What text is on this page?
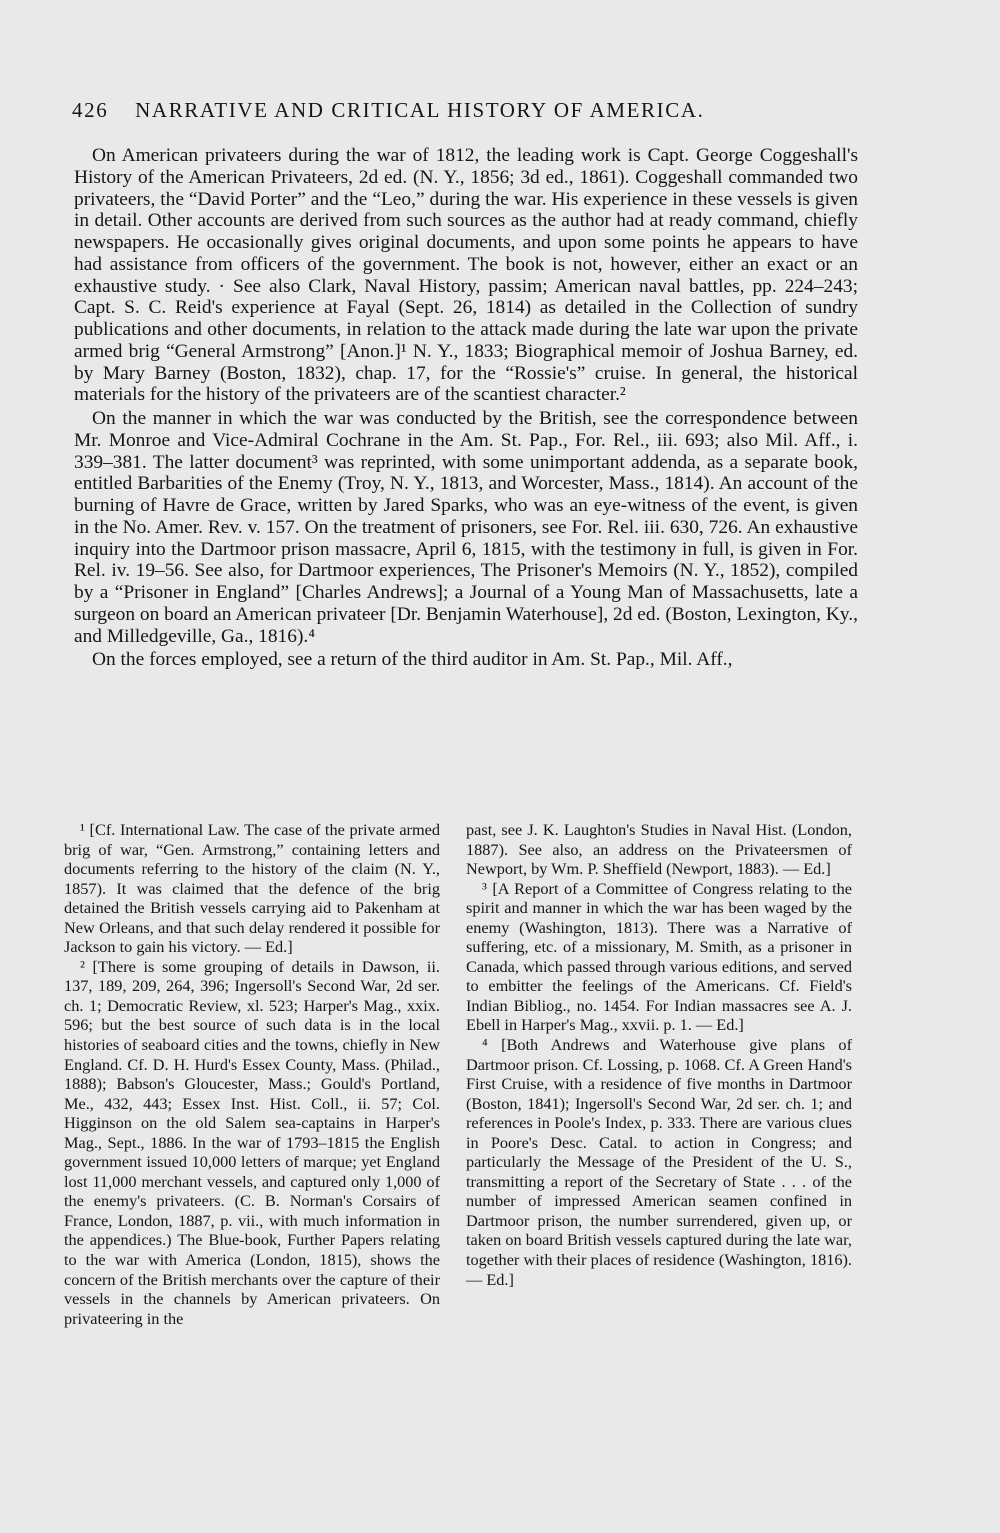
426 NARRATIVE AND CRITICAL HISTORY OF AMERICA.

On American privateers during the war of 1812, the leading work is Capt. George Coggeshall's History of the American Privateers, 2d ed. (N. Y., 1856; 3d ed., 1861). Coggeshall commanded two privateers, the “David Porter” and the “Leo,” during the war. His experience in these vessels is given in detail. Other accounts are derived from such sources as the author had at ready command, chiefly newspapers. He occasionally gives original documents, and upon some points he appears to have had assistance from officers of the government. The book is not, however, either an exact or an exhaustive study. · See also Clark, Naval History, passim; American naval battles, pp. 224–243; Capt. S. C. Reid's experience at Fayal (Sept. 26, 1814) as detailed in the Collection of sundry publications and other documents, in relation to the attack made during the late war upon the private armed brig “General Armstrong” [Anon.]¹ N. Y., 1833; Biographical memoir of Joshua Barney, ed. by Mary Barney (Boston, 1832), chap. 17, for the “Rossie's” cruise. In general, the historical materials for the history of the privateers are of the scantiest character.²

On the manner in which the war was conducted by the British, see the correspondence between Mr. Monroe and Vice-Admiral Cochrane in the Am. St. Pap., For. Rel., iii. 693; also Mil. Aff., i. 339–381. The latter document³ was reprinted, with some unimportant addenda, as a separate book, entitled Barbarities of the Enemy (Troy, N. Y., 1813, and Worcester, Mass., 1814). An account of the burning of Havre de Grace, written by Jared Sparks, who was an eye-witness of the event, is given in the No. Amer. Rev. v. 157. On the treatment of prisoners, see For. Rel. iii. 630, 726. An exhaustive inquiry into the Dartmoor prison massacre, April 6, 1815, with the testimony in full, is given in For. Rel. iv. 19–56. See also, for Dartmoor experiences, The Prisoner's Memoirs (N. Y., 1852), compiled by a “Prisoner in England” [Charles Andrews]; a Journal of a Young Man of Massachusetts, late a surgeon on board an American privateer [Dr. Benjamin Waterhouse], 2d ed. (Boston, Lexington, Ky., and Milledgeville, Ga., 1816).⁴

On the forces employed, see a return of the third auditor in Am. St. Pap., Mil. Aff.,

¹ [Cf. International Law. The case of the private armed brig of war, “Gen. Armstrong,” containing letters and documents referring to the history of the claim (N. Y., 1857). It was claimed that the defence of the brig detained the British vessels carrying aid to Pakenham at New Orleans, and that such delay rendered it possible for Jackson to gain his victory. — Ed.]

² [There is some grouping of details in Dawson, ii. 137, 189, 209, 264, 396; Ingersoll's Second War, 2d ser. ch. 1; Democratic Review, xl. 523; Harper's Mag., xxix. 596; but the best source of such data is in the local histories of seaboard cities and the towns, chiefly in New England. Cf. D. H. Hurd's Essex County, Mass. (Philad., 1888); Babson's Gloucester, Mass.; Gould's Portland, Me., 432, 443; Essex Inst. Hist. Coll., ii. 57; Col. Higginson on the old Salem sea-captains in Harper's Mag., Sept., 1886. In the war of 1793–1815 the English government issued 10,000 letters of marque; yet England lost 11,000 merchant vessels, and captured only 1,000 of the enemy's privateers. (C. B. Norman's Corsairs of France, London, 1887, p. vii., with much information in the appendices.) The Blue-book, Further Papers relating to the war with America (London, 1815), shows the concern of the British merchants over the capture of their vessels in the channels by American privateers. On privateering in the

past, see J. K. Laughton's Studies in Naval Hist. (London, 1887). See also, an address on the Privateersmen of Newport, by Wm. P. Sheffield (Newport, 1883). — Ed.]

³ [A Report of a Committee of Congress relating to the spirit and manner in which the war has been waged by the enemy (Washington, 1813). There was a Narrative of suffering, etc. of a missionary, M. Smith, as a prisoner in Canada, which passed through various editions, and served to embitter the feelings of the Americans. Cf. Field's Indian Bibliog., no. 1454. For Indian massacres see A. J. Ebell in Harper's Mag., xxvii. p. 1. — Ed.]

⁴ [Both Andrews and Waterhouse give plans of Dartmoor prison. Cf. Lossing, p. 1068. Cf. A Green Hand's First Cruise, with a residence of five months in Dartmoor (Boston, 1841); Ingersoll's Second War, 2d ser. ch. 1; and references in Poole's Index, p. 333. There are various clues in Poore's Desc. Catal. to action in Congress; and particularly the Message of the President of the U. S., transmitting a report of the Secretary of State . . . of the number of impressed American seamen confined in Dartmoor prison, the number surrendered, given up, or taken on board British vessels captured during the late war, together with their places of residence (Washington, 1816). — Ed.]
